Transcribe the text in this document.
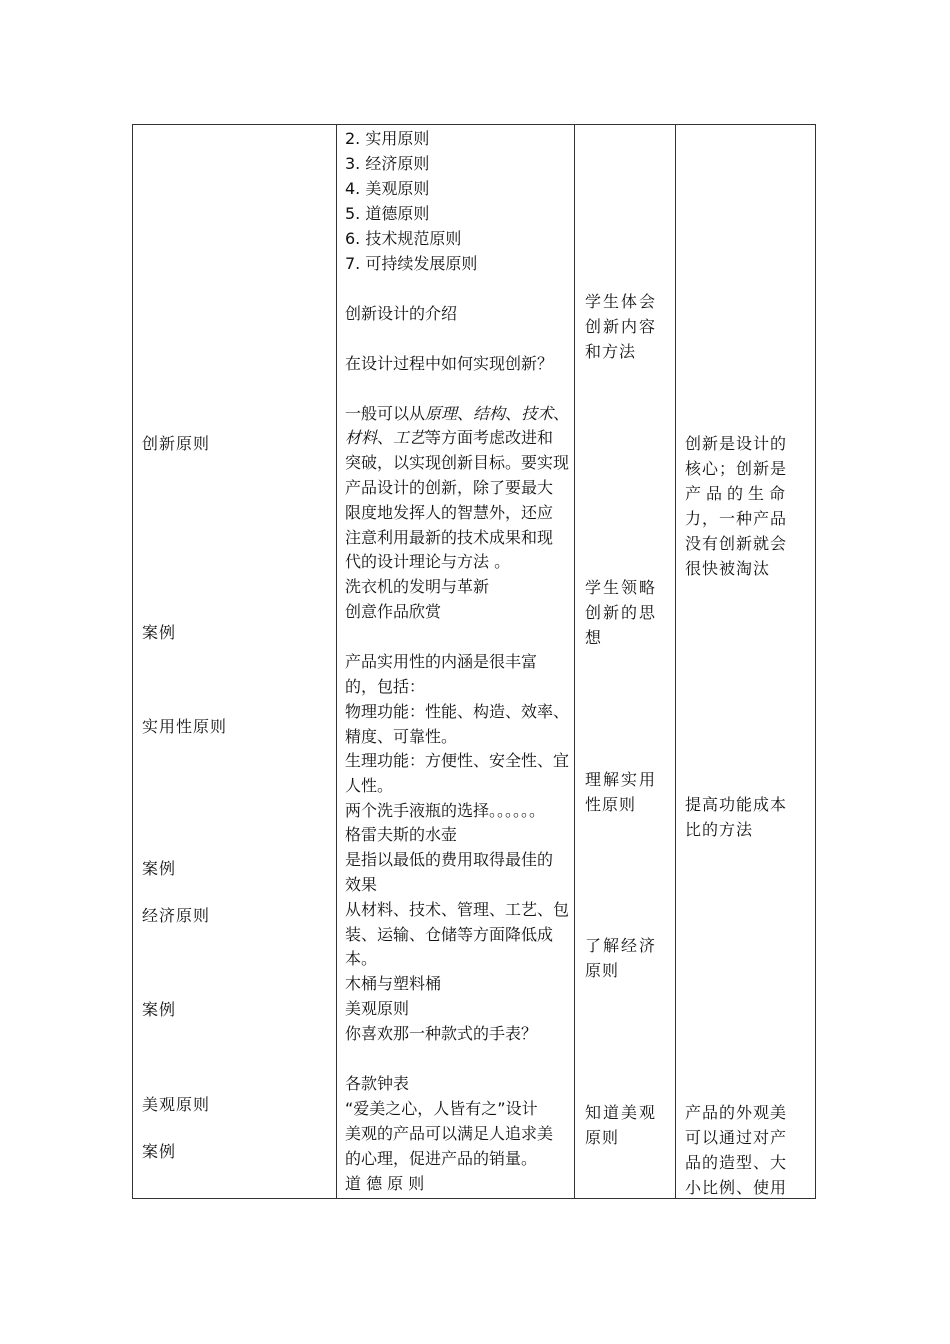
创新原则
案例
实用性原则
案例
经济原则
案例
美观原则
案例
2. 实用原则
3. 经济原则
4. 美观原则
5. 道德原则
6. 技术规范原则
7. 可持续发展原则
创新设计的介绍
在设计过程中如何实现创新？
一般可以从原理、结构、技术、
材料、工艺等方面考虑改进和
突破，以实现创新目标。要实现
产品设计的创新，除了要最大
限度地发挥人的智慧外，还应
注意利用最新的技术成果和现
代的设计理论与方法 。
洗衣机的发明与革新
创意作品欣赏
产品实用性的内涵是很丰富
的，包括：
物理功能：性能、构造、效率、
精度、可靠性。
生理功能：方便性、安全性、宜
人性。
两个洗手液瓶的选择。。。。。。
格雷夫斯的水壶
是指以最低的费用取得最佳的
效果
从材料、技术、管理、工艺、包
装、运输、仓储等方面降低成
本。
木桶与塑料桶
美观原则
你喜欢那一种款式的手表？
各款钟表
“爱美之心，人皆有之”设计
美观的产品可以满足人追求美
的心理，促进产品的销量。
道 德 原 则
学生体会
创新内容
和方法
学生领略
创新的思
想
理解实用
性原则
了解经济
原则
知道美观
原则
创新是设计的
核心；创新是
产品的生命
力，一种产品
没有创新就会
很快被淘汰
提高功能成本
比的方法
产品的外观美
可以通过对产
品的造型、大
小比例、使用
